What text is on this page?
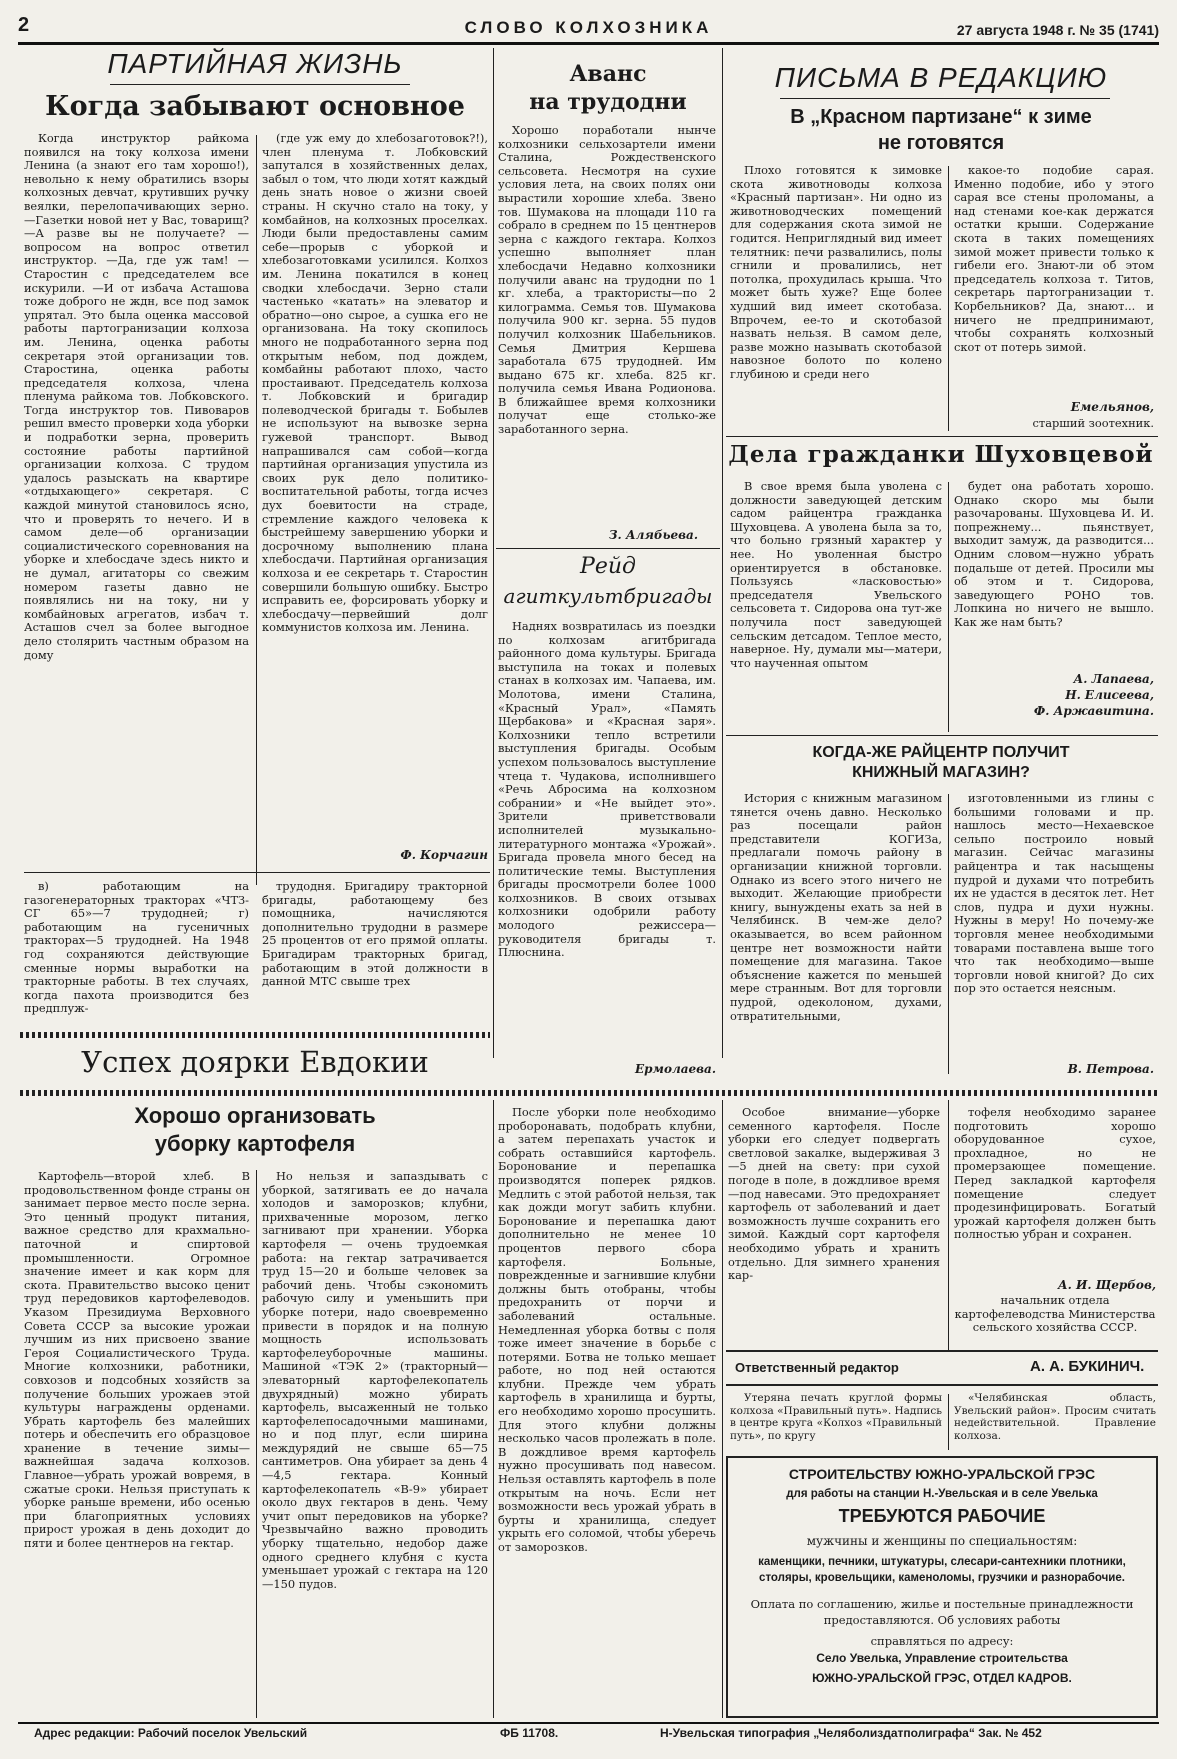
2	СЛОВО КОЛХОЗНИКА	27 августа 1948 г. № 35 (1741)
ПАРТИЙНАЯ ЖИЗНЬ
Когда забывают основное

Когда инструктор райкома появился на току колхоза имени Ленина (а знают его там хорошо!), невольно к нему обратились взоры колхозных девчат, крутивших ручку веялки, перелопачивающих зерно. —Газетки новой нет у Вас, товарищ? —А разве вы не получаете? —вопросом на вопрос ответил инструктор. —Да, где уж там! —Старостин с председателем все искурили. —И от избача Асташова тоже доброго не ждн, все под замок упрятал. Это была оценка массовой работы партогранизации колхоза им. Ленина, оценка работы секретаря этой организации тов. Старостина, оценка работы председателя колхоза, члена пленума райкома тов. Лобковского. Тогда инструктор тов. Пивоваров решил вместо проверки хода уборки и подработки зерна, проверить состояние работы партийной организации колхоза. С трудом удалось разыскать на квартире «отдыхающего» секретаря. С каждой минутой становилось ясно, что и проверять то нечего. И в самом деле—об организации социалистического соревнования на уборке и хлебосдаче здесь никто и не думал, агитаторы со свежим номером газеты давно не появлялись ни на току, ни у комбайновых агрегатов, избач т. Асташов счел за более выгодное дело столярить частным образом на дому

(где уж ему до хлебозаготовок?!), член пленума т. Лобковский запутался в хозяйственных делах, забыл о том, что люди хотят каждый день знать новое о жизни своей страны. Н скучно стало на току, у комбайнов, на колхозных проселках. Люди были предоставлены самим себе—прорыв с уборкой и хлебозаготовками усилился. Колхоз им. Ленина покатился в конец сводки хлебосдачи. Зерно стали частенько «катать» на элеватор и обратно—оно сырое, а сушка его не организована. На току скопилось много не подработанного зерна под открытым небом, под дождем, комбайны работают плохо, часто простаивают. Председатель колхоза т. Лобковский и бригадир полеводческой бригады т. Бобылев не используют на вывозке зерна гужевой транспорт. Вывод напрашивался сам собой—когда партийная организация упустила из своих рук дело политико-воспитательной работы, тогда исчез дух боевитости на страде, стремление каждого человека к быстрейшему завершению уборки и досрочному выполнению плана хлебосдачи. Партийная организация колхоза и ее секретарь т. Старостин совершили большую ошибку. Быстро исправить ее, форсировать уборку и хлебосдачу—первейший долг коммунистов колхоза им. Ленина.

Ф. Корчагин

в) работающим на газогенераторных тракторах «ЧТЗ-СГ 65»—7 трудодней; г) работающим на гусеничных тракторах—5 трудодней. На 1948 год сохраняются действующие сменные нормы выработки на тракторные работы. В тех случаях, когда пахота производится без предплуж-

трудодня. Бригадиру тракторной бригады, работающему без помощника, начисляются дополнительно трудодни в размере 25 процентов от его прямой оплаты. Бригадирам тракторных бригад, работающим в этой должности в данной МТС свыше трех

Аванс
на трудодни

Хорошо поработали нынче колхозники сельхозартели имени Сталина, Рождественского сельсовета. Несмотря на сухие условия лета, на своих полях они вырастили хорошие хлеба. Звено тов. Шумакова на площади 110 га собрало в среднем по 15 центнеров зерна с каждого гектара. Колхоз успешно выполняет план хлебосдачи Недавно колхозники получили аванс на трудодни по 1 кг. хлеба, а трактористы—по 2 килограмма. Семья тов. Шумакова получила 900 кг. зерна. 55 пудов получил колхозник Шабельников. Семья Дмитрия Кершева заработала 675 трудодней. Им выдано 675 кг. хлеба. 825 кг. получила семья Ивана Родионова. В ближайшее время колхозники получат еще столько-же заработанного зерна.

З. Алябьева.
Рейд
агиткультбригады

Наднях возвратилась из поездки по колхозам агитбригада районного дома культуры. Бригада выступила на токах и полевых станах в колхозах им. Чапаева, им. Молотова, имени Сталина, «Красный Урал», «Память Щербакова» и «Красная заря». Колхозники тепло встретили выступления бригады. Особым успехом пользовалось выступление чтеца т. Чудакова, исполнившего «Речь Абросима на колхозном собрании» и «Не выйдет это». Зрители приветствовали исполнителей музыкально-литературного монтажа «Урожай». Бригада провела много бесед на политические темы. Выступления бригады просмотрели более 1000 колхозников. В своих отзывах колхозники одобрили работу молодого режиссера—руководителя бригады т. Плюснина.

Ермолаева.
ПИСЬМА В РЕДАКЦИЮ
В „Красном партизане“ к зиме
не готовятся

Плохо готовятся к зимовке скота животноводы колхоза «Красный партизан». Ни одно из животноводческих помещений для содержания скота зимой не годится. Неприглядный вид имеет телятник: печи развалились, полы сгнили и провалились, нет потолка, прохудилась крыша. Что может быть хуже? Еще более худший вид имеет скотобаза. Впрочем, ее-то и скотобазой назвать нельзя. В самом деле, разве можно называть скотобазой навозное болото по колено глубиною и среди него

какое-то подобие сарая. Именно подобие, ибо у этого сарая все стены проломаны, а над стенами кое-как держатся остатки крыши. Содержание скота в таких помещениях зимой может привести только к гибели его. Знают-ли об этом председатель колхоза т. Титов, секретарь партогранизации т. Корбельников? Да, знают... и ничего не предпринимают, чтобы сохранять колхозный скот от потерь зимой.

Емельянов,
старший зоотехник.
Дела гражданки Шуховцевой

В свое время была уволена с должности заведующей детским садом райцентра гражданка Шуховцева. А уволена была за то, что больно грязный характер у нее. Но уволенная быстро ориентируется в обстановке. Пользуясь «ласковостью» председателя Увельского сельсовета т. Сидорова она тут-же получила пост заведующей сельским детсадом. Теплое место, наверное. Ну, думали мы—матери, что наученная опытом

будет она работать хорошо. Однако скоро мы были разочарованы. Шуховцева И. И. попрежнему... пьянствует, выходит замуж, да разводится... Одним словом—нужно убрать подальше от детей. Просили мы об этом и т. Сидорова, заведующего РОНО тов. Лопкина но ничего не вышло. Как же нам быть?

А. Лапаева,
Н. Елисеева,
Ф. Аржавитина.
КОГДА-ЖЕ РАЙЦЕНТР ПОЛУЧИТ
КНИЖНЫЙ МАГАЗИН?

История с книжным магазином тянется очень давно. Несколько раз посещали район представители КОГИЗа, предлагали помочь району в организации книжной торговли. Однако из всего этого ничего не выходит. Желающие приобрести книгу, вынуждены ехать за ней в Челябинск. В чем-же дело? оказывается, во всем районном центре нет возможности найти помещение для магазина. Такое объяснение кажется по меньшей мере странным. Вот для торговли пудрой, одеколоном, духами, отвратительными,

изготовленными из глины с большими головами и пр. нашлось место—Нехаевское сельпо построило новый магазин. Сейчас магазины райцентра и так насыщены пудрой и духами что потребить их не удастся в десяток лет. Нет слов, пудра и духи нужны. Нужны в меру! Но почему-же торговля менее необходимыми товарами поставлена выше того что так необходимо—выше торговли новой книгой? До сих пор это остается неясным.

В. Петрова.
Успех доярки Евдокии
Хорошо организовать
уборку картофеля

Картофель—второй хлеб. В продовольственном фонде страны он занимает первое место после зерна. Это ценный продукт питания, важное средство для крахмально-паточной и спиртовой промышленности. Огромное значение имеет и как корм для скота. Правительство высоко ценит труд передовиков картофелеводов. Указом Президиума Верховного Совета СССР за высокие урожаи лучшим из них присвоено звание Героя Социалистического Труда. Многие колхозники, работники, совхозов и подсобных хозяйств за получение больших урожаев этой культуры награждены орденами. Убрать картофель без малейших потерь и обеспечить его образцовое хранение в течение зимы—важнейшая задача колхозов. Главное—убрать урожай вовремя, в сжатые сроки. Нельзя приступать к уборке раньше времени, ибо осенью при благоприятных условиях прирост урожая в день доходит до пяти и более центнеров на гектар.

Но нельзя и запаздывать с уборкой, затягивать ее до начала холодов и заморозков; клубни, прихваченные морозом, легко загнивают при хранении. Уборка картофеля — очень трудоемкая работа: на гектар затрачивается труд 15—20 и больше человек за рабочий день. Чтобы сэкономить рабочую силу и уменьшить при уборке потери, надо своевременно привести в порядок и на полную мощность использовать картофелеуборочные машины. Машиной «ТЭК 2» (тракторный—элеваторный картофелекопатель двухрядный) можно убирать картофель, высаженный не только картофелепосадочными машинами, но и под плуг, если ширина междурядий не свыше 65—75 сантиметров. Она убирает за день 4—4,5 гектара. Конный картофелекопатель «В-9» убирает около двух гектаров в день. Чему учит опыт передовиков на уборке? Чрезвычайно важно проводить уборку тщательно, недобор даже одного среднего клубня с куста уменьшает урожай с гектара на 120—150 пудов.

После уборки поле необходимо проборонавать, подобрать клубни, а затем перепахать участок и собрать оставшийся картофель. Боронование и перепашка производятся поперек рядков. Медлить с этой работой нельзя, так как дожди могут забить клубни. Боронование и перепашка дают дополнительно не менее 10 процентов первого сбора картофеля. Больные, поврежденные и загнившие клубни должны быть отобраны, чтобы предохранить от порчи и заболеваний остальные. Немедленная уборка ботвы с поля тоже имеет значение в борьбе с потерями. Ботва не только мешает работе, но под ней остаются клубни. Прежде чем убрать картофель в хранилища и бурты, его необходимо хорошо просушить. Для этого клубни должны несколько часов пролежать в поле. В дождливое время картофель нужно просушивать под навесом. Нельзя оставлять картофель в поле открытым на ночь. Если нет возможности весь урожай убрать в бурты и хранилища, следует укрыть его соломой, чтобы уберечь от заморозков.

Особое внимание—уборке семенного картофеля. После уборки его следует подвергать светловой закалке, выдерживая 3—5 дней на свету: при сухой погоде в поле, в дождливое время—под навесами. Это предохраняет картофель от заболеваний и дает возможность лучше сохранить его зимой. Каждый сорт картофеля необходимо убрать и хранить отдельно. Для зимнего хранения кар-

тофеля необходимо заранее подготовить хорошо оборудованное сухое, прохладное, но не промерзающее помещение. Перед закладкой картофеля помещение следует продезинфицировать. Богатый урожай картофеля должен быть полностью убран и сохранен.

А. И. Щербов,
начальник отдела картофелеводства Министерства сельского хозяйства СССР.
Ответственный редактор	А. А. БУКИНИЧ.

Утеряна печать круглой формы колхоза «Правильный путь». Надпись в центре круга «Колхоз «Правильный путь», по кругу

«Челябинская область, Увельский район». Просим считать недействительной. Правление колхоза.

СТРОИТЕЛЬСТВУ ЮЖНО-УРАЛЬСКОЙ ГРЭС
для работы на станции Н.-Увельская и в селе Увелька
ТРЕБУЮТСЯ РАБОЧИЕ
мужчины и женщины по специальностям:
каменщики, печники, штукатуры, слесари-сантехники плотники, столяры, кровельщики, каменоломы, грузчики и разнорабочие.
Оплата по соглашению, жилье и постельные принадлежности предоставляются. Об условиях работы
справляться по адресу:
Село Увелька, Управление строительства
ЮЖНО-УРАЛЬСКОЙ ГРЭС, ОТДЕЛ КАДРОВ.
Адрес редакции: Рабочий поселок Увельский	ФБ 11708.	Н-Увельская типография „Челяболиздатполиграфа“ Зак. № 452
